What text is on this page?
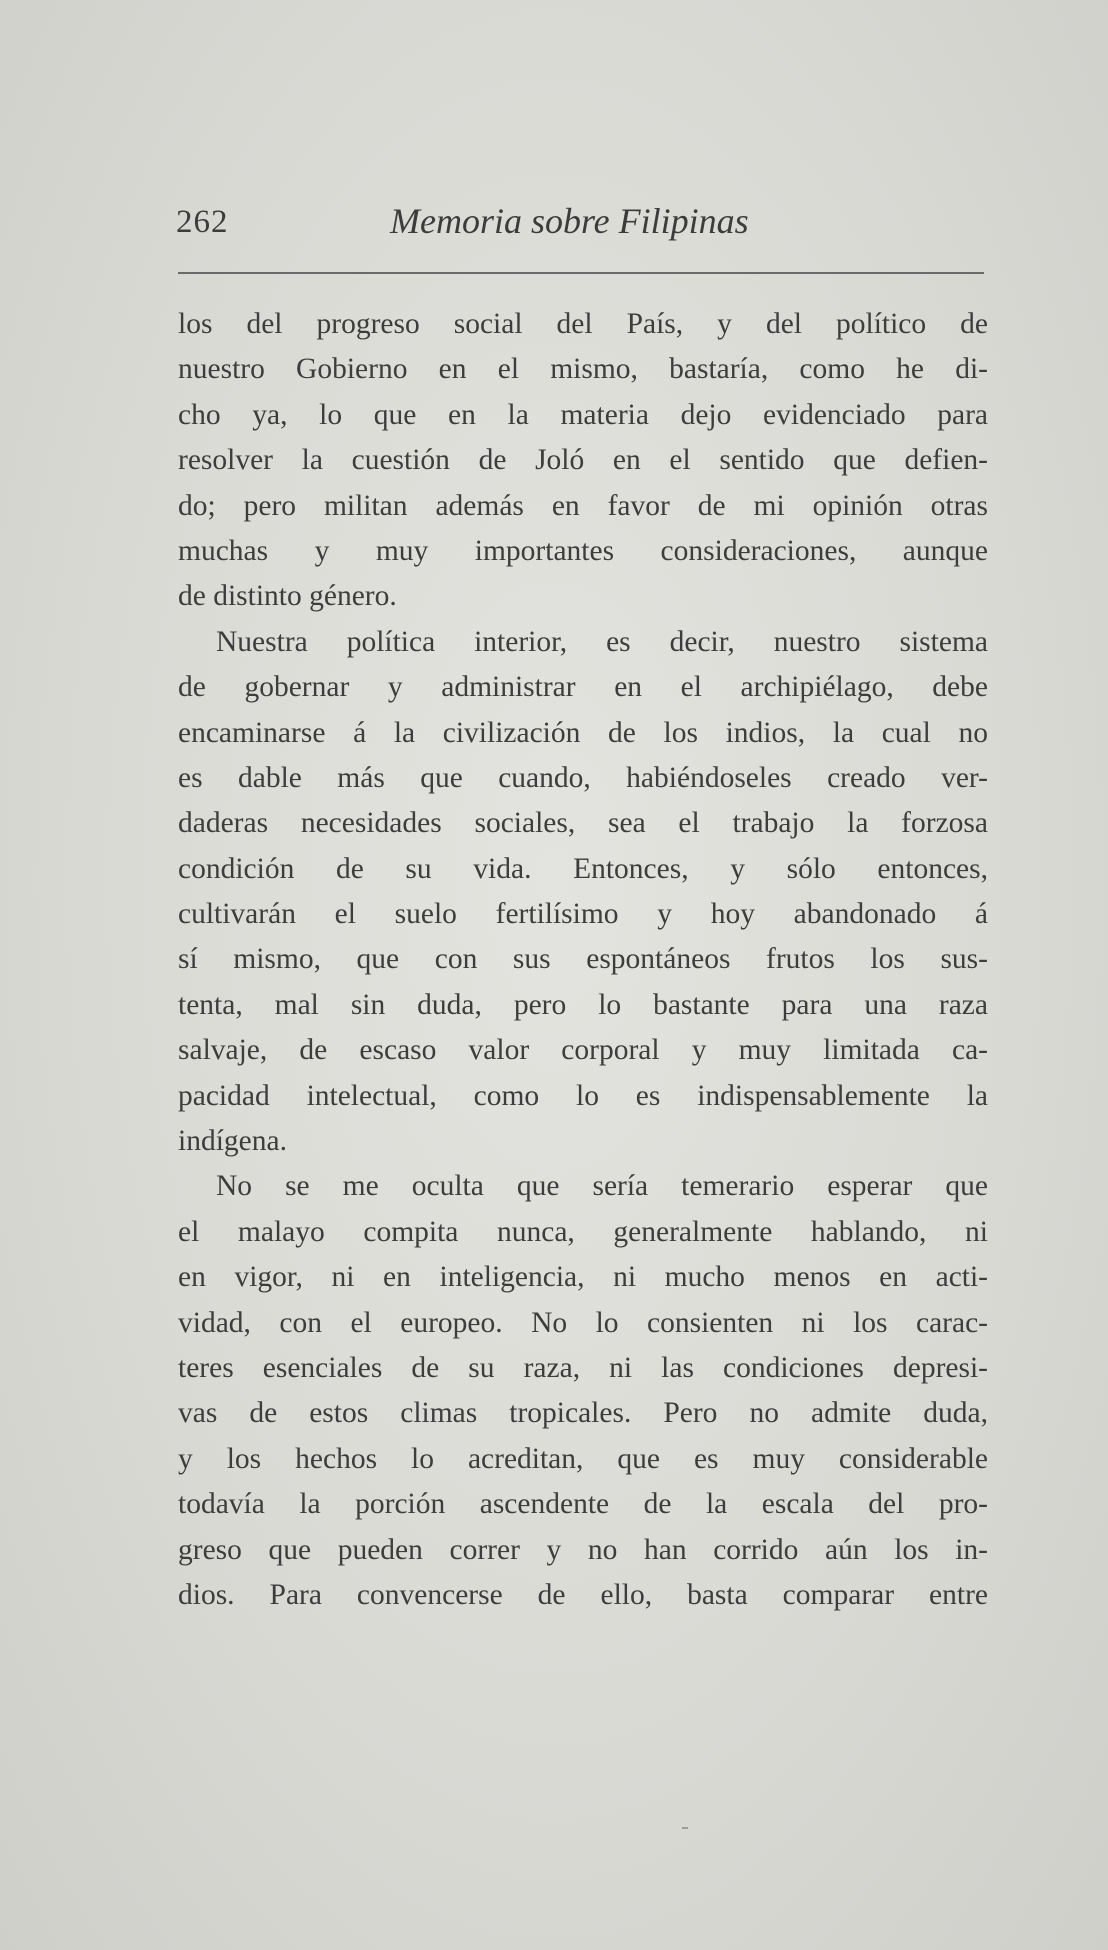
262	Memoria sobre Filipinas
los del progreso social del País, y del político de
nuestro Gobierno en el mismo, bastaría, como he di-
cho ya, lo que en la materia dejo evidenciado para
resolver la cuestión de Joló en el sentido que defien-
do; pero militan además en favor de mi opinión otras
muchas y muy importantes consideraciones, aunque
de distinto género.
Nuestra política interior, es decir, nuestro sistema
de gobernar y administrar en el archipiélago, debe
encaminarse á la civilización de los indios, la cual no
es dable más que cuando, habiéndoseles creado ver-
daderas necesidades sociales, sea el trabajo la forzosa
condición de su vida. Entonces, y sólo entonces,
cultivarán el suelo fertilísimo y hoy abandonado á
sí mismo, que con sus espontáneos frutos los sus-
tenta, mal sin duda, pero lo bastante para una raza
salvaje, de escaso valor corporal y muy limitada ca-
pacidad intelectual, como lo es indispensablemente la
indígena.
No se me oculta que sería temerario esperar que
el malayo compita nunca, generalmente hablando, ni
en vigor, ni en inteligencia, ni mucho menos en acti-
vidad, con el europeo. No lo consienten ni los carac-
teres esenciales de su raza, ni las condiciones depresi-
vas de estos climas tropicales. Pero no admite duda,
y los hechos lo acreditan, que es muy considerable
todavía la porción ascendente de la escala del pro-
greso que pueden correr y no han corrido aún los in-
dios. Para convencerse de ello, basta comparar entre
